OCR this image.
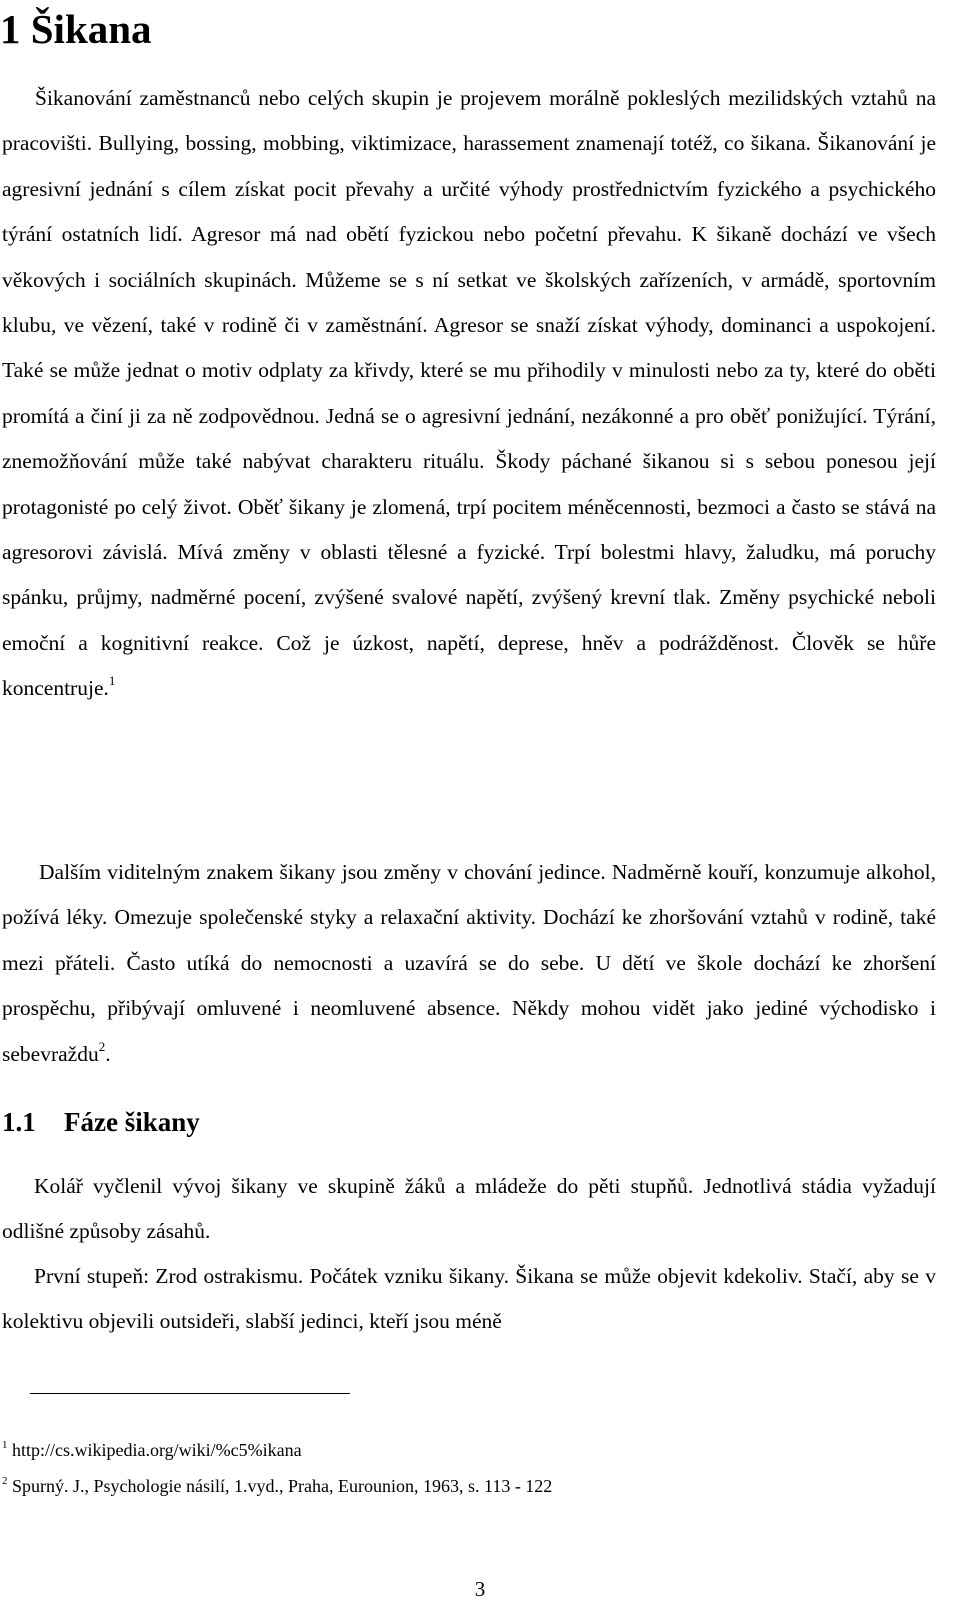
1 Šikana

Šikanování zaměstnanců nebo celých skupin je projevem morálně pokleslých mezilidských vztahů na pracovišti. Bullying, bossing, mobbing, viktimizace, harassement znamenají totéž, co šikana. Šikanování je agresivní jednání s cílem získat pocit převahy a určité výhody prostřednictvím fyzického a psychického týrání ostatních lidí. Agresor má nad obětí fyzickou nebo početní převahu. K šikaně dochází ve všech věkových i sociálních skupinách. Můžeme se s ní setkat ve školských zařízeních, v armádě, sportovním klubu, ve vězení, také v rodině či v zaměstnání. Agresor se snaží získat výhody, dominanci a uspokojení. Také se může jednat o motiv odplaty za křivdy, které se mu přihodily v minulosti nebo za ty, které do oběti promítá a činí ji za ně zodpovědnou. Jedná se o agresivní jednání, nezákonné a pro oběť ponižující. Týrání, znemožňování může také nabývat charakteru rituálu. Škody páchané šikanou si s sebou ponesou její protagonisté po celý život. Oběť šikany je zlomená, trpí pocitem méněcennosti, bezmoci a často se stává na agresorovi závislá. Mívá změny v oblasti tělesné a fyzické. Trpí bolestmi hlavy, žaludku, má poruchy spánku, průjmy, nadměrné pocení, zvýšené svalové napětí, zvýšený krevní tlak. Změny psychické neboli emoční a kognitivní reakce. Což je úzkost, napětí, deprese, hněv a podrážděnost. Člověk se hůře koncentruje.$^1$

Dalším viditelným znakem šikany jsou změny v chování jedince. Nadměrně kouří, konzumuje alkohol, požívá léky. Omezuje společenské styky a relaxační aktivity. Dochází ke zhoršování vztahů v rodině, také mezi přáteli. Často utíká do nemocnosti a uzavírá se do sebe. U dětí ve škole dochází ke zhoršení prospěchu, přibývají omluvené i neomluvené absence. Někdy mohou vidět jako jediné východisko i sebevraždu$^2$.

1.1 Fáze šikany

Kolář vyčlenil vývoj šikany ve skupině žáků a mládeže do pěti stupňů. Jednotlivá stádia vyžadují odlišné způsoby zásahů.

První stupeň: Zrod ostrakismu. Počátek vzniku šikany. Šikana se může objevit kdekoliv. Stačí, aby se v kolektivu objevili outsideři, slabší jedinci, kteří jsou méně

$^1$ http://cs.wikipedia.org/wiki/%c5%ikana

$^2$ Spurný. J., Psychologie násilí, 1.vyd., Praha, Eurounion, 1963, s. 113 - 122

3
